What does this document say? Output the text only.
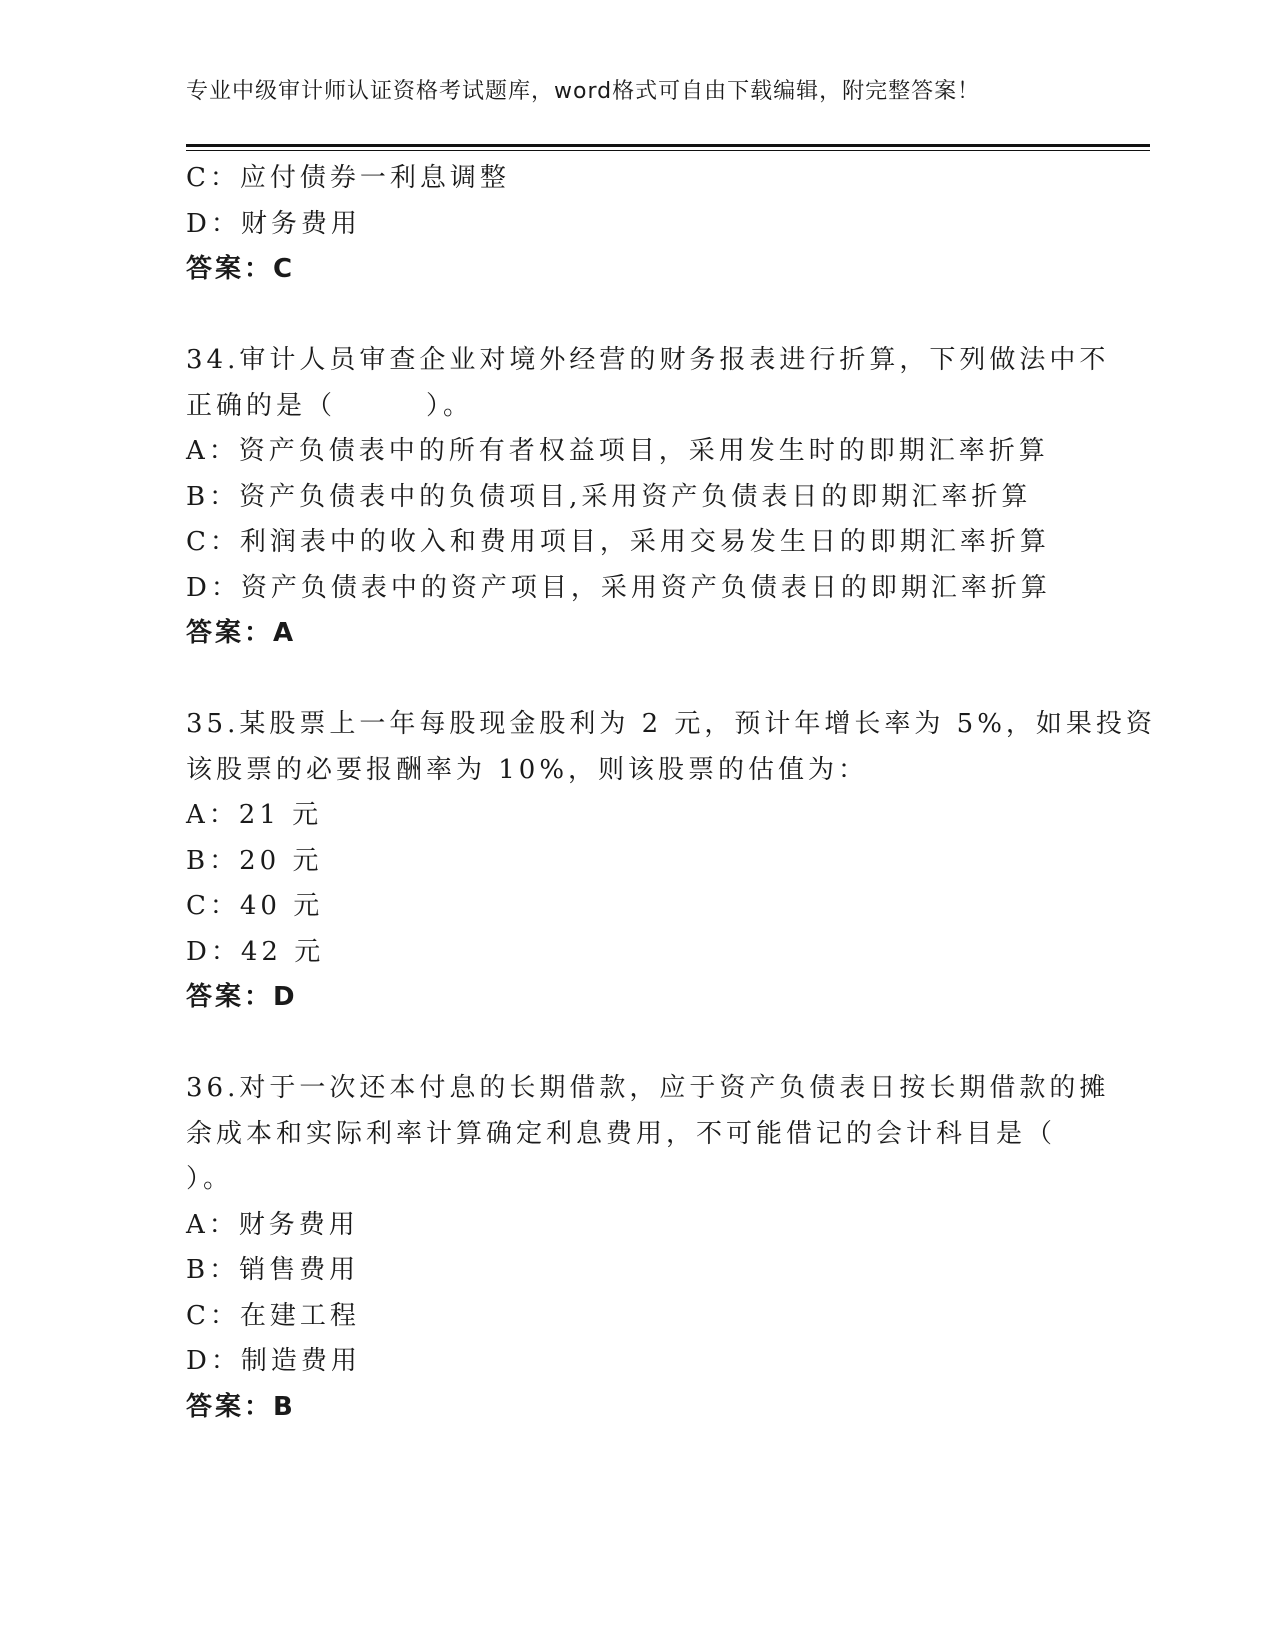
专业中级审计师认证资格考试题库，word格式可自由下载编辑，附完整答案！
C：应付债券一利息调整
D：财务费用
答案：C
34.审计人员审查企业对境外经营的财务报表进行折算，下列做法中不
正确的是（　　　）。
A：资产负债表中的所有者权益项目，采用发生时的即期汇率折算
B：资产负债表中的负债项目,采用资产负债表日的即期汇率折算
C：利润表中的收入和费用项目，采用交易发生日的即期汇率折算
D：资产负债表中的资产项目，采用资产负债表日的即期汇率折算
答案：A
35.某股票上一年每股现金股利为 2 元，预计年增长率为 5%，如果投资
该股票的必要报酬率为 10%，则该股票的估值为：
A：21 元
B：20 元
C：40 元
D：42 元
答案：D
36.对于一次还本付息的长期借款，应于资产负债表日按长期借款的摊
余成本和实际利率计算确定利息费用，不可能借记的会计科目是（
）。
A：财务费用
B：销售费用
C：在建工程
D：制造费用
答案：B
